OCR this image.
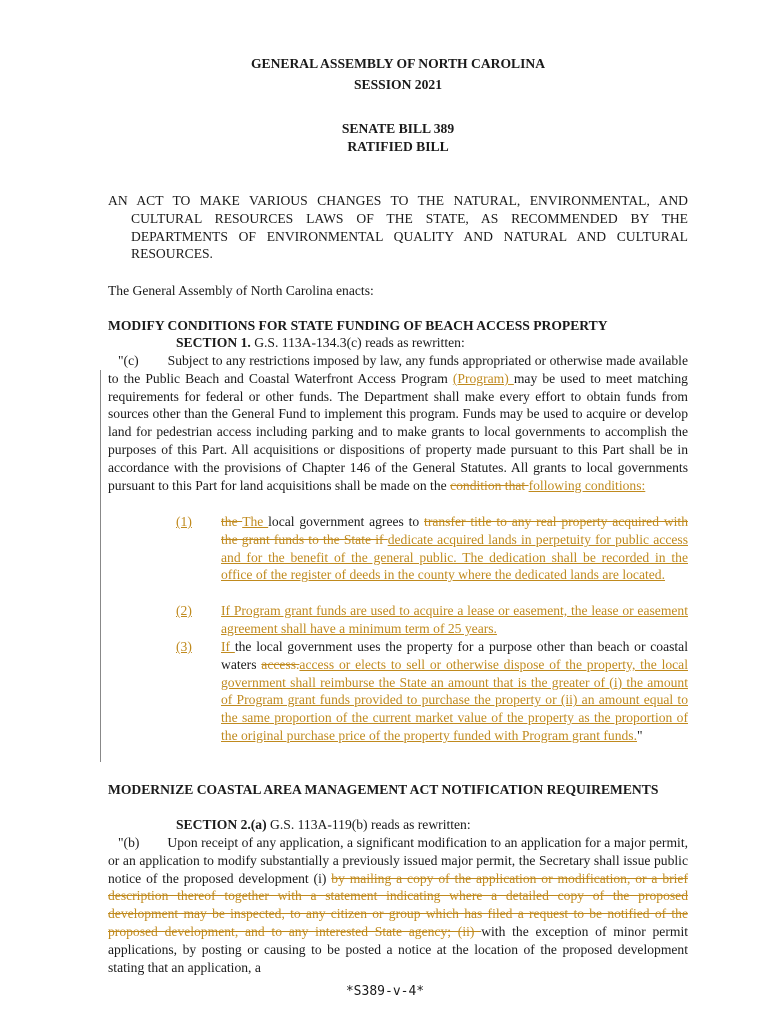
GENERAL ASSEMBLY OF NORTH CAROLINA
SESSION 2021
SENATE BILL 389
RATIFIED BILL
AN ACT TO MAKE VARIOUS CHANGES TO THE NATURAL, ENVIRONMENTAL, AND CULTURAL RESOURCES LAWS OF THE STATE, AS RECOMMENDED BY THE DEPARTMENTS OF ENVIRONMENTAL QUALITY AND NATURAL AND CULTURAL RESOURCES.
The General Assembly of North Carolina enacts:
MODIFY CONDITIONS FOR STATE FUNDING OF BEACH ACCESS PROPERTY
SECTION 1. G.S. 113A-134.3(c) reads as rewritten:
"(c) Subject to any restrictions imposed by law, any funds appropriated or otherwise made available to the Public Beach and Coastal Waterfront Access Program (Program) may be used to meet matching requirements for federal or other funds. The Department shall make every effort to obtain funds from sources other than the General Fund to implement this program. Funds may be used to acquire or develop land for pedestrian access including parking and to make grants to local governments to accomplish the purposes of this Part. All acquisitions or dispositions of property made pursuant to this Part shall be in accordance with the provisions of Chapter 146 of the General Statutes. All grants to local governments pursuant to this Part for land acquisitions shall be made on the condition that following conditions:
(1) the The local government agrees to transfer title to any real property acquired with the grant funds to the State if dedicate acquired lands in perpetuity for public access and for the benefit of the general public. The dedication shall be recorded in the office of the register of deeds in the county where the dedicated lands are located.
(2) If Program grant funds are used to acquire a lease or easement, the lease or easement agreement shall have a minimum term of 25 years.
(3) If the local government uses the property for a purpose other than beach or coastal waters access.access or elects to sell or otherwise dispose of the property, the local government shall reimburse the State an amount that is the greater of (i) the amount of Program grant funds provided to purchase the property or (ii) an amount equal to the same proportion of the current market value of the property as the proportion of the original purchase price of the property funded with Program grant funds."
MODERNIZE COASTAL AREA MANAGEMENT ACT NOTIFICATION REQUIREMENTS
SECTION 2.(a) G.S. 113A-119(b) reads as rewritten:
"(b) Upon receipt of any application, a significant modification to an application for a major permit, or an application to modify substantially a previously issued major permit, the Secretary shall issue public notice of the proposed development (i) by mailing a copy of the application or modification, or a brief description thereof together with a statement indicating where a detailed copy of the proposed development may be inspected, to any citizen or group which has filed a request to be notified of the proposed development, and to any interested State agency; (ii) with the exception of minor permit applications, by posting or causing to be posted a notice at the location of the proposed development stating that an application, a
*S389-v-4*
